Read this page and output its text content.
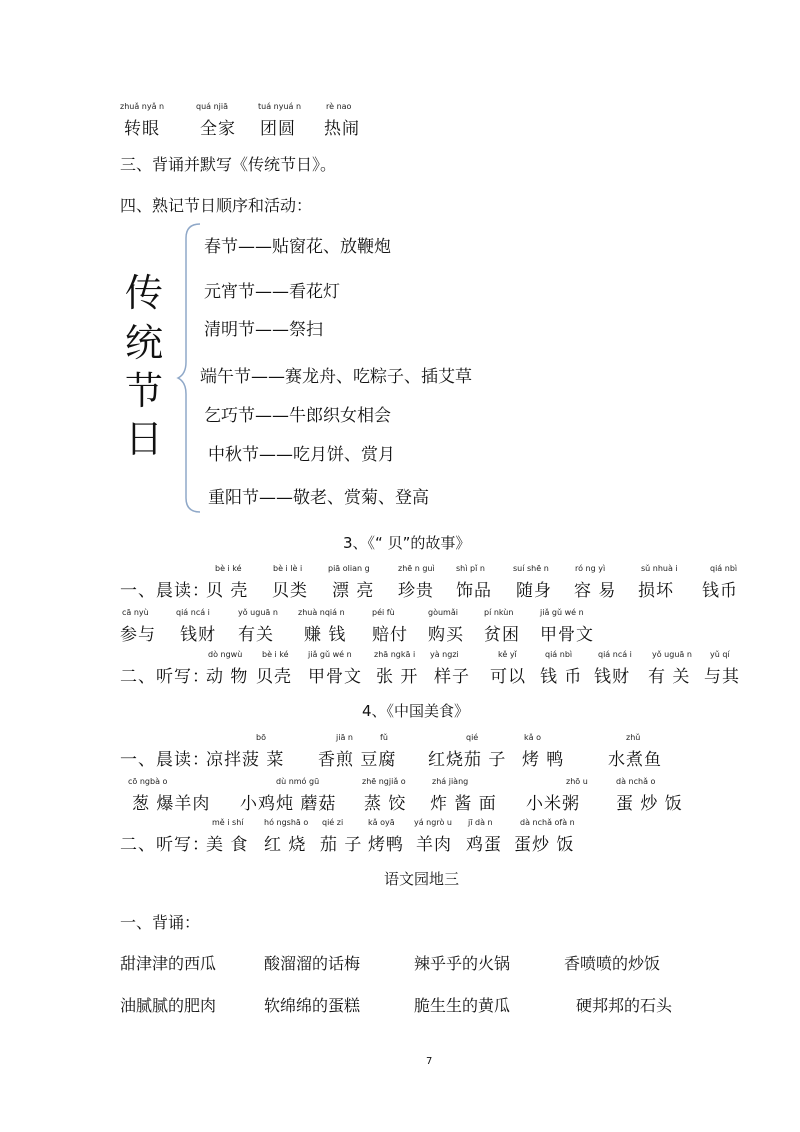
zhuǎ nyǎ n	quá njiā	tuá nyuá n	rè nao
转眼 全家 团圆 热闹
三、背诵并默写《传统节日》。
四、熟记节日顺序和活动：
传
统
节
日
春节——贴窗花、放鞭炮
元宵节——看花灯
清明节——祭扫
端午节——赛龙舟、吃粽子、插艾草
乞巧节——牛郎织女相会
中秋节——吃月饼、赏月
重阳节——敬老、赏菊、登高
3、《“ 贝”的故事》
bè i ké	bè i lè i	piā olian g	zhē n guì	shì pǐ n	suí shē n	ró ng yì	sǔ nhuà i	qiá nbì
一、晨读：
贝 壳 贝类 漂 亮 珍贵 饰品 随身 容 易 损坏 钱币
cā nyù	qiá ncá i	yǒ uguā n	zhuà nqiá n	péi fù	gòumǎi	pí nkùn	jiǎ gǔ wé n
参与 钱财 有关 赚 钱 赔付 购买 贫困 甲骨文
dò ngwù bè i ké jiǎ gǔ wé n	zhā ngkā i yà ngzi	kě yǐ	qiá nbì	qiá ncá i	yǒ uguā n yǔ qí
二、听写：
动 物 贝壳 甲骨文 张 开 样子 可以 钱 币 钱财 有 关 与其
4、《中国美食》
bō	jiā n	fǔ	qié	kǎ o	zhǔ
一、晨读：
凉拌菠 菜 香煎 豆腐 红烧茄 子 烤 鸭	水煮鱼
cō ngbà o	dù nmó gū	zhē ngjiǎ o	zhá jiàng	zhō u	dà nchǎ o
葱 爆羊肉 小鸡炖 蘑菇 蒸 饺 炸 酱 面 小米粥 蛋 炒 饭
mě i shí	hó ngshā o qié zi	kǎ oyā yá ngrò u jī dà n	dà nchǎ ofà n
二、听写：
美 食 红 烧 茄 子 烤鸭 羊肉 鸡蛋 蛋炒 饭
语文园地三
一、背诵：
甜津津的西瓜	酸溜溜的话梅	辣乎乎的火锅	香喷喷的炒饭
油腻腻的肥肉	软绵绵的蛋糕	脆生生的黄瓜	硬邦邦的石头
7
